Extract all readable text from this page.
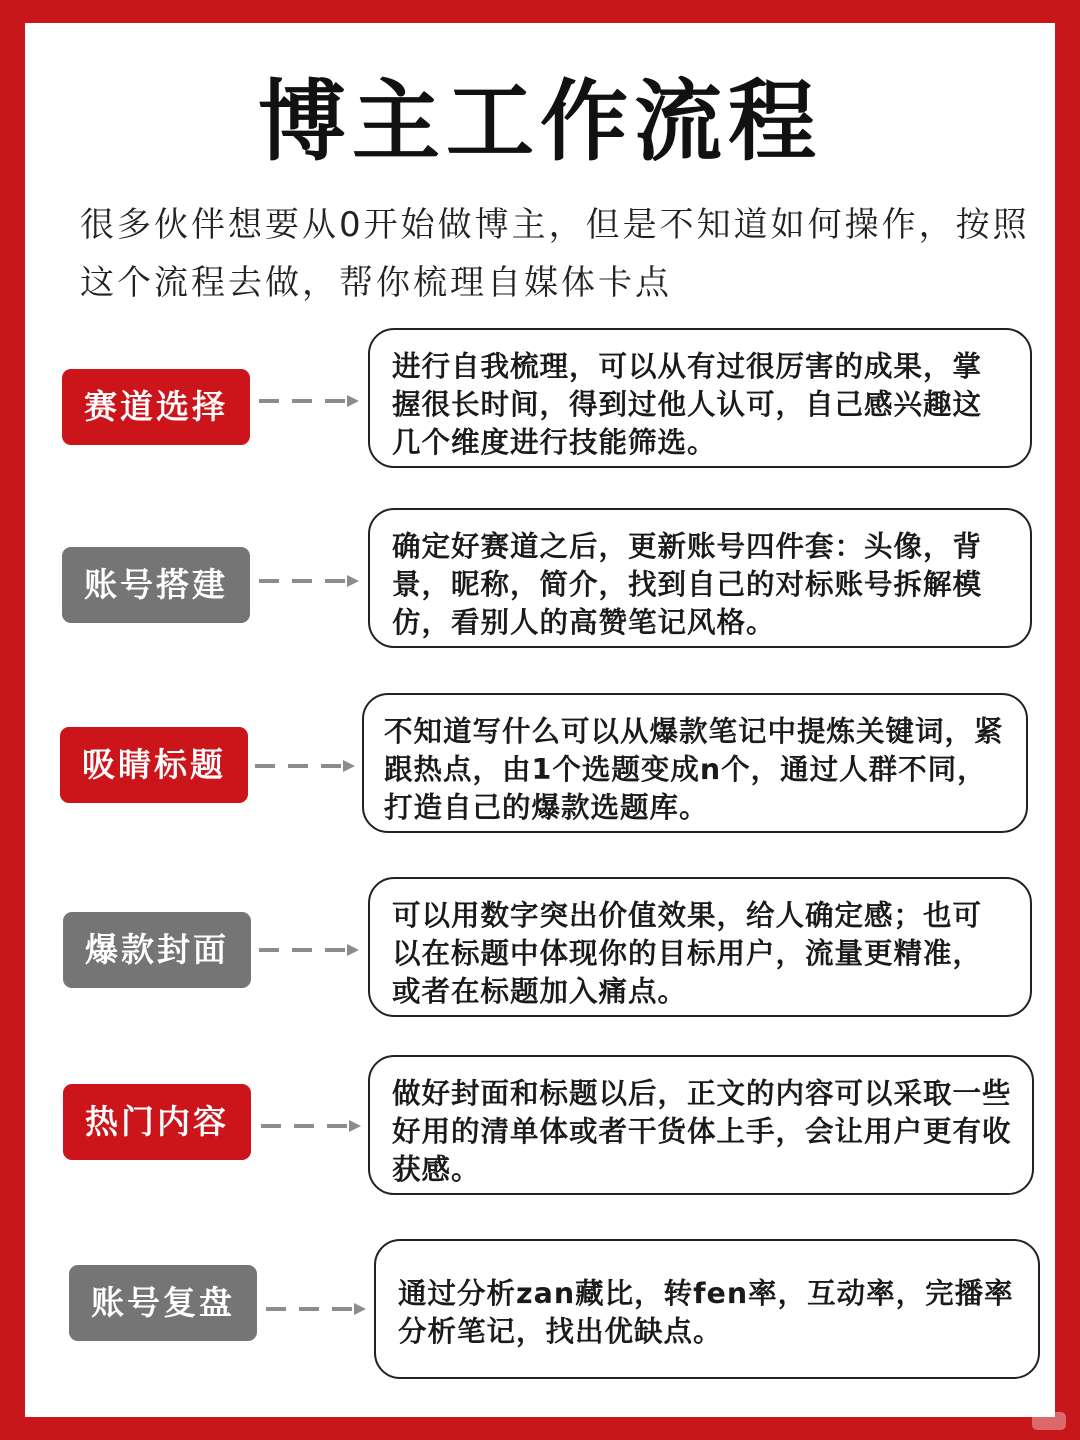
博主工作流程
很多伙伴想要从0开始做博主，但是不知道如何操作，按照这个流程去做，帮你梳理自媒体卡点
赛道选择
进行自我梳理，可以从有过很厉害的成果，掌握很长时间，得到过他人认可，自己感兴趣这几个维度进行技能筛选。
账号搭建
确定好赛道之后，更新账号四件套：头像，背景，昵称，简介，找到自己的对标账号拆解模仿，看别人的高赞笔记风格。
吸睛标题
不知道写什么可以从爆款笔记中提炼关键词，紧跟热点，由1个选题变成n个，通过人群不同，打造自己的爆款选题库。
爆款封面
可以用数字突出价值效果，给人确定感；也可以在标题中体现你的目标用户，流量更精准，或者在标题加入痛点。
热门内容
做好封面和标题以后，正文的内容可以采取一些好用的清单体或者干货体上手，会让用户更有收获感。
账号复盘	通过分析zan藏比，转fen率，互动率，完播率分析笔记，找出优缺点。
